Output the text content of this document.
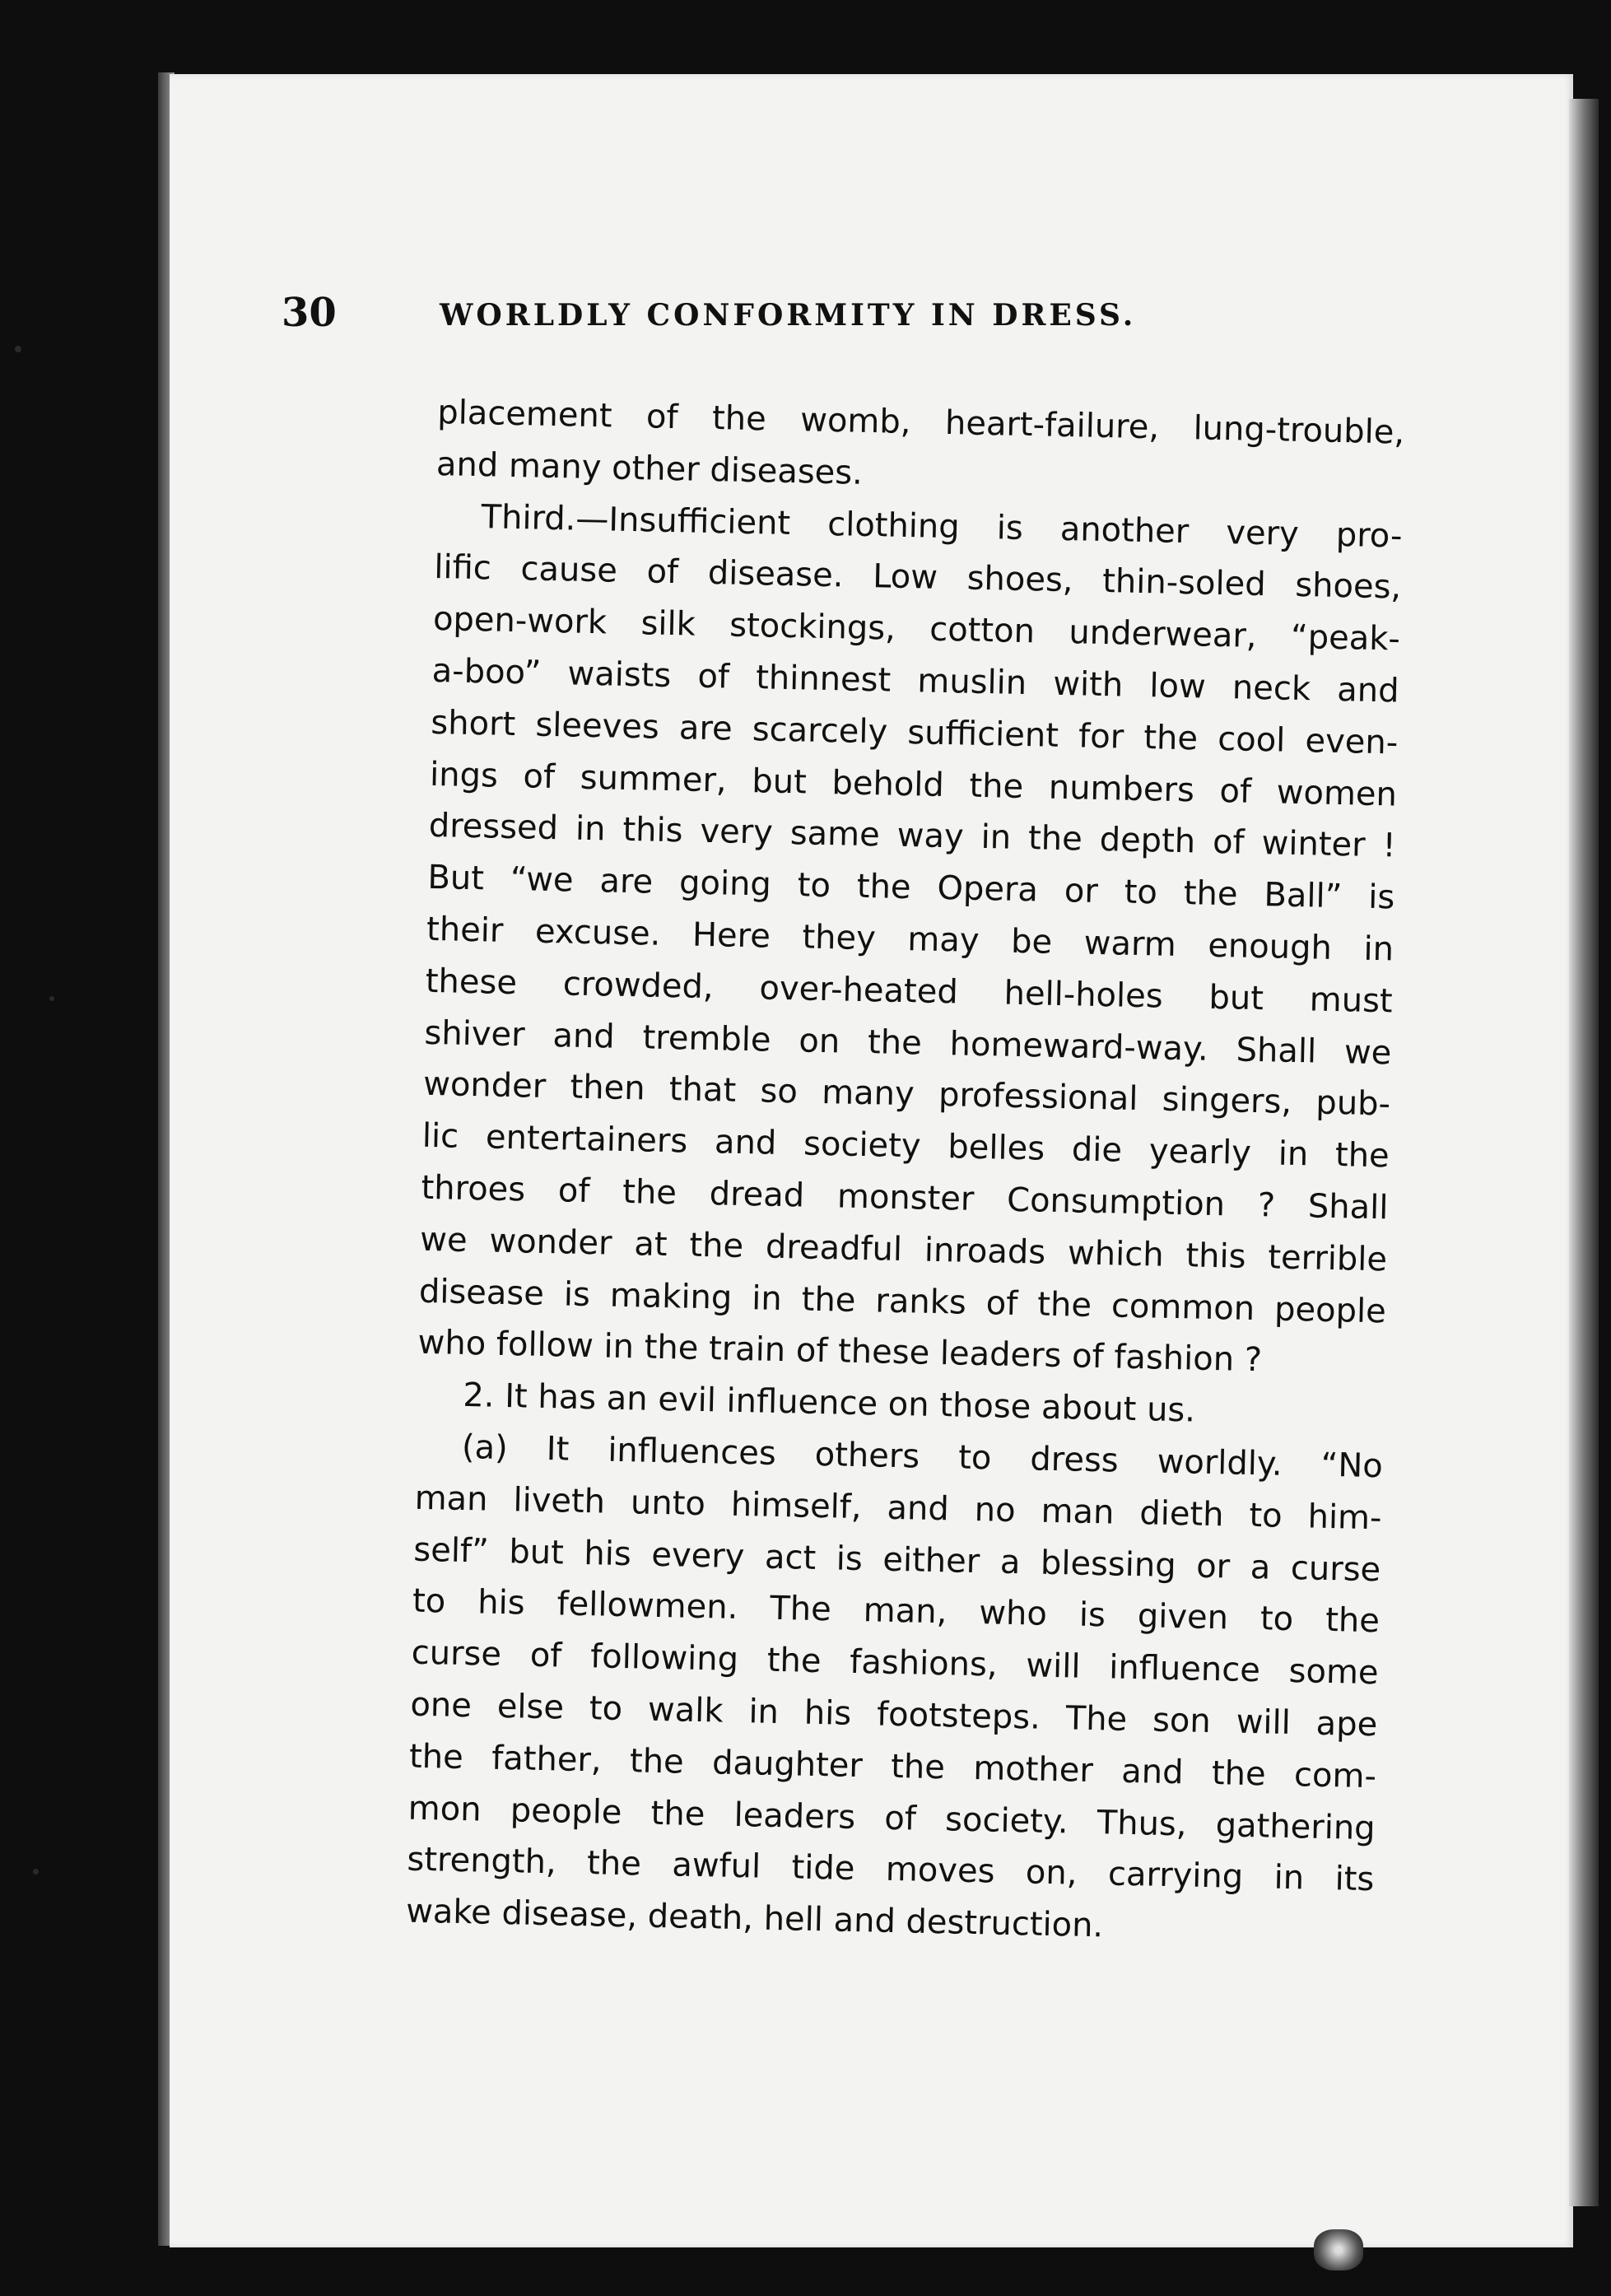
30	WORLDLY CONFORMITY IN DRESS.
placement of the womb, heart-failure, lung-trouble,
and many other diseases.
Third.—Insufficient clothing is another very pro-
lific cause of disease. Low shoes, thin-soled shoes,
open-work silk stockings, cotton underwear, “peak-
a-boo” waists of thinnest muslin with low neck and
short sleeves are scarcely sufficient for the cool even-
ings of summer, but behold the numbers of women
dressed in this very same way in the depth of winter !
But “we are going to the Opera or to the Ball” is
their excuse. Here they may be warm enough in
these crowded, over-heated hell-holes but must
shiver and tremble on the homeward-way. Shall we
wonder then that so many professional singers, pub-
lic entertainers and society belles die yearly in the
throes of the dread monster Consumption ? Shall
we wonder at the dreadful inroads which this terrible
disease is making in the ranks of the common people
who follow in the train of these leaders of fashion ?
2. It has an evil influence on those about us.
(a) It influences others to dress worldly. “No
man liveth unto himself, and no man dieth to him-
self” but his every act is either a blessing or a curse
to his fellowmen. The man, who is given to the
curse of following the fashions, will influence some
one else to walk in his footsteps. The son will ape
the father, the daughter the mother and the com-
mon people the leaders of society. Thus, gathering
strength, the awful tide moves on, carrying in its
wake disease, death, hell and destruction.
